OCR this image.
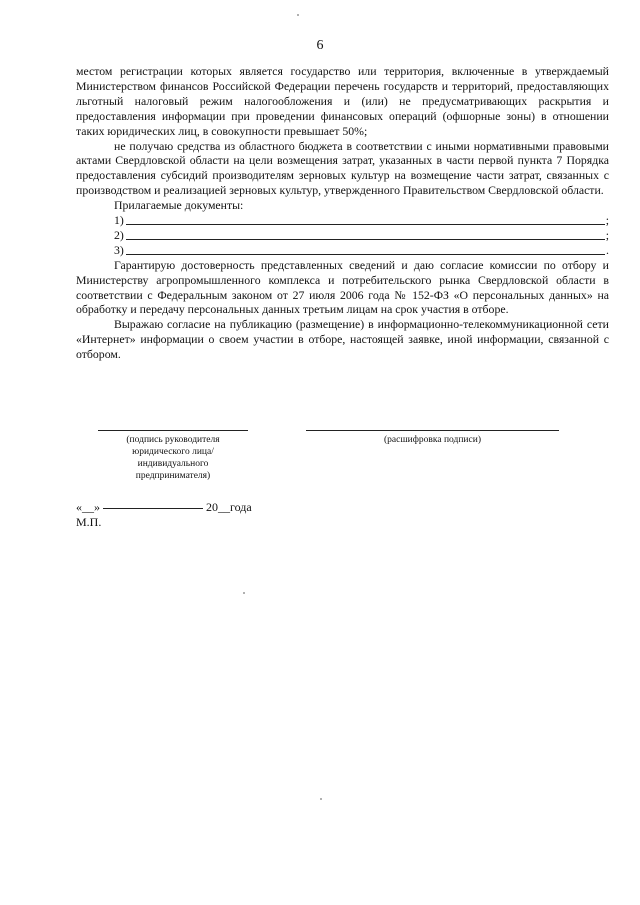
6

местом регистрации которых является государство или территория, включенные в утверждаемый Министерством финансов Российской Федерации перечень государств и территорий, предоставляющих льготный налоговый режим налогообложения и (или) не предусматривающих раскрытия и предоставления информации при проведении финансовых операций (офшорные зоны) в отношении таких юридических лиц, в совокупности превышает 50%;

не получаю средства из областного бюджета в соответствии с иными нормативными правовыми актами Свердловской области на цели возмещения затрат, указанных в части первой пункта 7 Порядка предоставления субсидий производителям зерновых культур на возмещение части затрат, связанных с производством и реализацией зерновых культур, утвержденного Правительством Свердловской области.

Прилагаемые документы:
1)	;
2)	;
3)	.

Гарантирую достоверность представленных сведений и даю согласие комиссии по отбору и Министерству агропромышленного комплекса и потребительского рынка Свердловской области в соответствии с Федеральным законом от 27 июля 2006 года № 152-ФЗ «О персональных данных» на обработку и передачу персональных данных третьим лицам на срок участия в отборе.

Выражаю согласие на публикацию (размещение) в информационно-телекоммуникационной сети «Интернет» информации о своем участии в отборе, настоящей заявке, иной информации, связанной с отбором.

(подпись руководителя
юридического лица/
индивидуального
предпринимателя)
(расшифровка подписи)
«__»	20__года
М.П.
